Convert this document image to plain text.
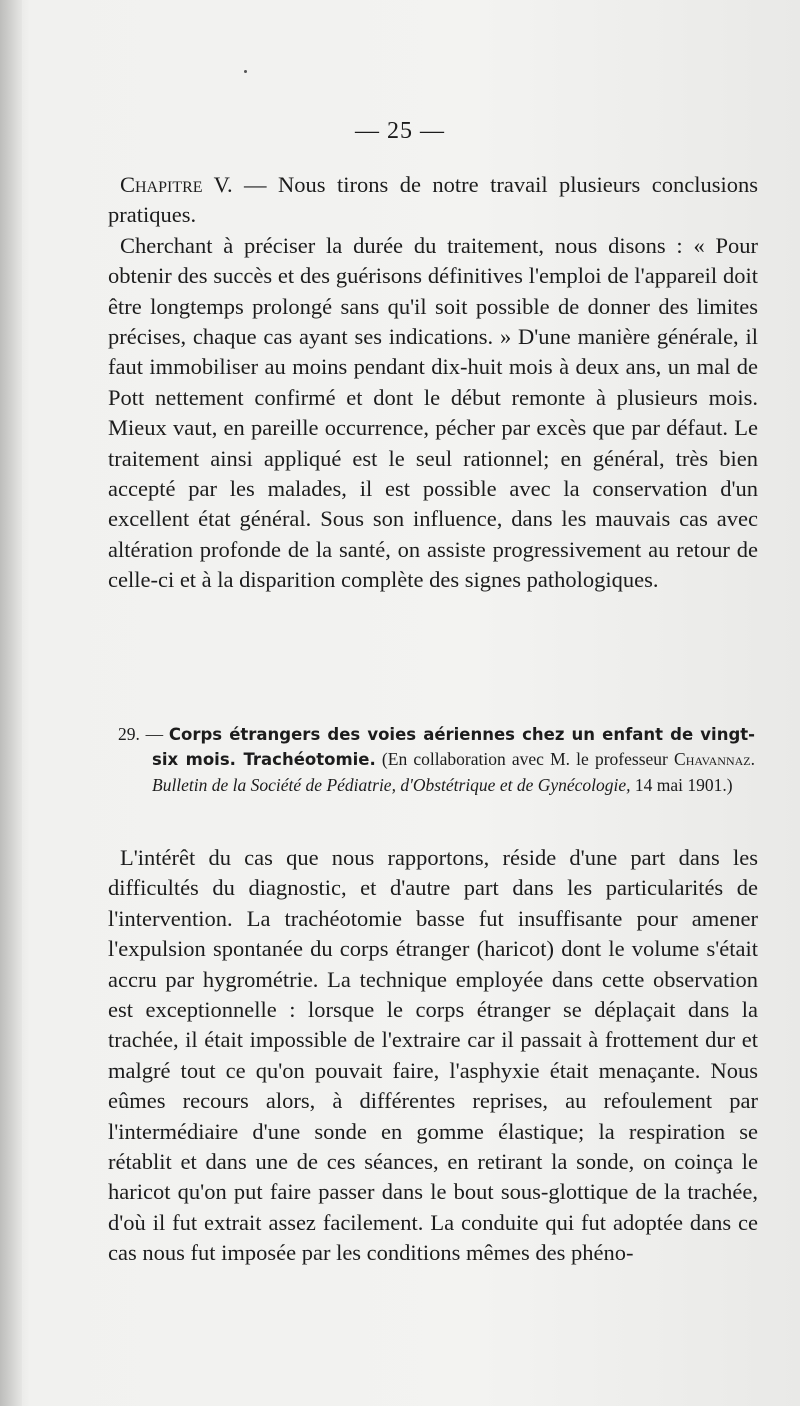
— 25 —

Chapitre V. — Nous tirons de notre travail plusieurs conclusions pratiques.

Cherchant à préciser la durée du traitement, nous disons : « Pour obtenir des succès et des guérisons définitives l'emploi de l'appareil doit être longtemps prolongé sans qu'il soit possible de donner des limites précises, chaque cas ayant ses indications. » D'une manière générale, il faut immobiliser au moins pendant dix-huit mois à deux ans, un mal de Pott nettement confirmé et dont le début remonte à plusieurs mois. Mieux vaut, en pareille occurrence, pécher par excès que par défaut. Le traitement ainsi appliqué est le seul rationnel; en général, très bien accepté par les malades, il est possible avec la conservation d'un excellent état général. Sous son influence, dans les mauvais cas avec altération profonde de la santé, on assiste progressivement au retour de celle-ci et à la disparition complète des signes pathologiques.

29. — Corps étrangers des voies aériennes chez un enfant de vingt-six mois. Trachéotomie. (En collaboration avec M. le professeur Chavannaz. Bulletin de la Société de Pédiatrie, d'Obstétrique et de Gynécologie, 14 mai 1901.)

L'intérêt du cas que nous rapportons, réside d'une part dans les difficultés du diagnostic, et d'autre part dans les particularités de l'intervention. La trachéotomie basse fut insuffisante pour amener l'expulsion spontanée du corps étranger (haricot) dont le volume s'était accru par hygrométrie. La technique employée dans cette observation est exceptionnelle : lorsque le corps étranger se déplaçait dans la trachée, il était impossible de l'extraire car il passait à frottement dur et malgré tout ce qu'on pouvait faire, l'asphyxie était menaçante. Nous eûmes recours alors, à différentes reprises, au refoulement par l'intermédiaire d'une sonde en gomme élastique; la respiration se rétablit et dans une de ces séances, en retirant la sonde, on coinça le haricot qu'on put faire passer dans le bout sous-glottique de la trachée, d'où il fut extrait assez facilement. La conduite qui fut adoptée dans ce cas nous fut imposée par les conditions mêmes des phéno-
